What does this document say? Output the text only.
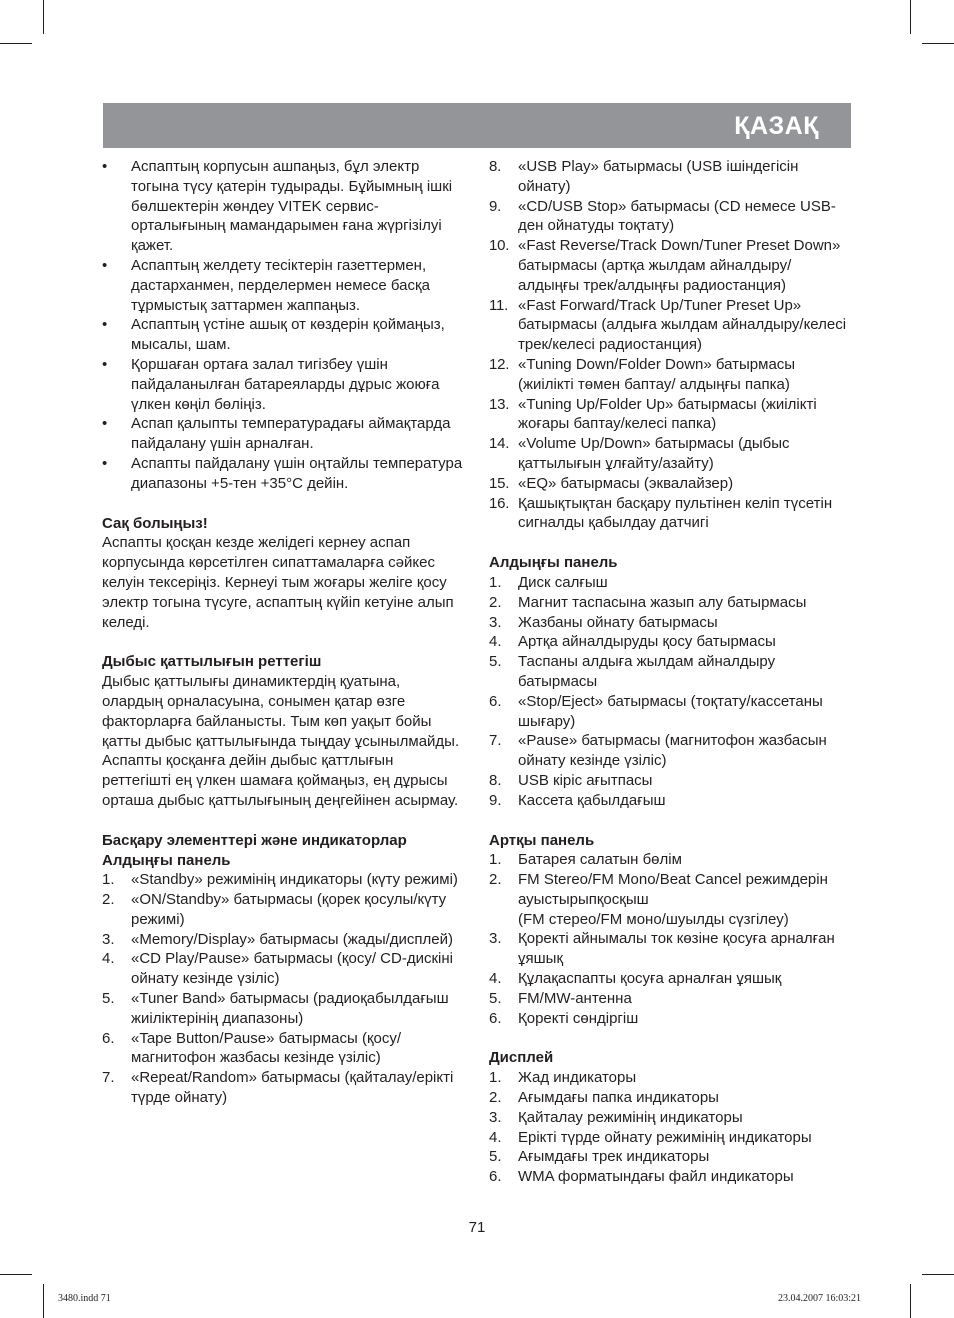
ҚАЗАҚ
• Аспаптың корпусын ашпаңыз, бұл электр тогына түсу қатерін тудырады. Бұйымның ішкі бөлшектерін жөндеу VITEK сервис-орталығының мамандарымен ғана жүргізілуі қажет.
• Аспаптың желдету тесіктерін газеттермен, дастарханмен, перделермен немесе басқа тұрмыстық заттармен жаппаңыз.
• Аспаптың үстіне ашық от көздерін қоймаңыз, мысалы, шам.
• Қоршаған ортаға залал тигізбеу үшін пайдаланылған батареяларды дұрыс жоюға үлкен көңіл бөліңіз.
• Аспап қалыпты температурадағы аймақтарда пайдалану үшін арналған.
• Аспапты пайдалану үшін оңтайлы температура диапазоны +5-тен +35°C дейін.
Сақ болыңыз!

Аспапты қосқан кезде желідегі кернеу аспап корпусында көрсетілген сипаттамаларға сәйкес келуін тексеріңіз. Кернеуі тым жоғары желіге қосу электр тогына түсуге, аспаптың күйіп кетуіне алып келеді.

Дыбыс қаттылығын реттегіш

Дыбыс қаттылығы динамиктердің қуатына, олардың орналасуына, сонымен қатар өзге факторларға байланысты. Тым көп уақыт бойы қатты дыбыс қаттылығында тыңдау ұсынылмайды. Аспапты қосқанға дейін дыбыс қаттлығын реттегішті ең үлкен шамаға қоймаңыз, ең дұрысы орташа дыбыс қаттылығының деңгейінен асырмау.

Басқару элементтері және индикаторлар
Алдыңғы панель
1. «Standby» режимінің индикаторы (күту режимі)
2. «ON/Standby» батырмасы (қорек қосулы/күту режимі)
3. «Memory/Display» батырмасы (жады/дисплей)
4. «CD Play/Pause» батырмасы (қосу/ CD-дискіні ойнату кезінде үзіліс)
5. «Tuner Band» батырмасы (радиоқабылдағыш жиіліктерінің диапазоны)
6. «Tape Button/Pause» батырмасы (қосу/магнитофон жазбасы кезінде үзіліс)
7. «Repeat/Random» батырмасы (қайталау/ерікті түрде ойнату)
8. «USB Play» батырмасы (USB ішіндегісін ойнату)
9. «CD/USB Stop» батырмасы (CD немесе USB-ден ойнатуды тоқтату)
10. «Fast Reverse/Track Down/Tuner Preset Down» батырмасы (артқа жылдам айналдыру/алдыңғы трек/алдыңғы радиостанция)
11. «Fast Forward/Track Up/Tuner Preset Up» батырмасы (алдыға жылдам айналдыру/келесі трек/келесі радиостанция)
12. «Tuning Down/Folder Down» батырмасы (жиілікті төмен баптау/ алдыңғы папка)
13. «Tuning Up/Folder Up» батырмасы (жиілікті жоғары баптау/келесі папка)
14. «Volume Up/Down» батырмасы (дыбыс қаттылығын ұлғайту/азайту)
15. «EQ» батырмасы (эквалайзер)
16. Қашықтықтан басқару пультінен келіп түсетін сигналды қабылдау датчигі
Алдыңғы панель
1. Диск салғыш
2. Магнит таспасына жазып алу батырмасы
3. Жазбаны ойнату батырмасы
4. Артқа айналдыруды қосу батырмасы
5. Таспаны алдыға жылдам айналдыру батырмасы
6. «Stop/Eject» батырмасы (тоқтату/кассетаны шығару)
7. «Pause» батырмасы (магнитофон жазбасын ойнату кезінде үзіліс)
8. USB кіріс ағытпасы
9. Кассета қабылдағыш
Артқы панель
1. Батарея салатын бөлім
2. FM Stereo/FM Mono/Beat Cancel режимдерін ауыстырыпқосқыш
(FM стерео/FM моно/шуылды сүзгілеу)
3. Қоректі айнымалы ток көзіне қосуға арналған ұяшық
4. Құлақаспапты қосуға арналған ұяшық
5. FM/MW-антенна
6. Қоректі сөндіргіш
Дисплей
1. Жад индикаторы
2. Ағымдағы папка индикаторы
3. Қайталау режимінің индикаторы
4. Ерікті түрде ойнату режимінің индикаторы
5. Ағымдағы трек индикаторы
6. WMA форматындағы файл индикаторы
71
3480.indd 71	23.04.2007 16:03:21
